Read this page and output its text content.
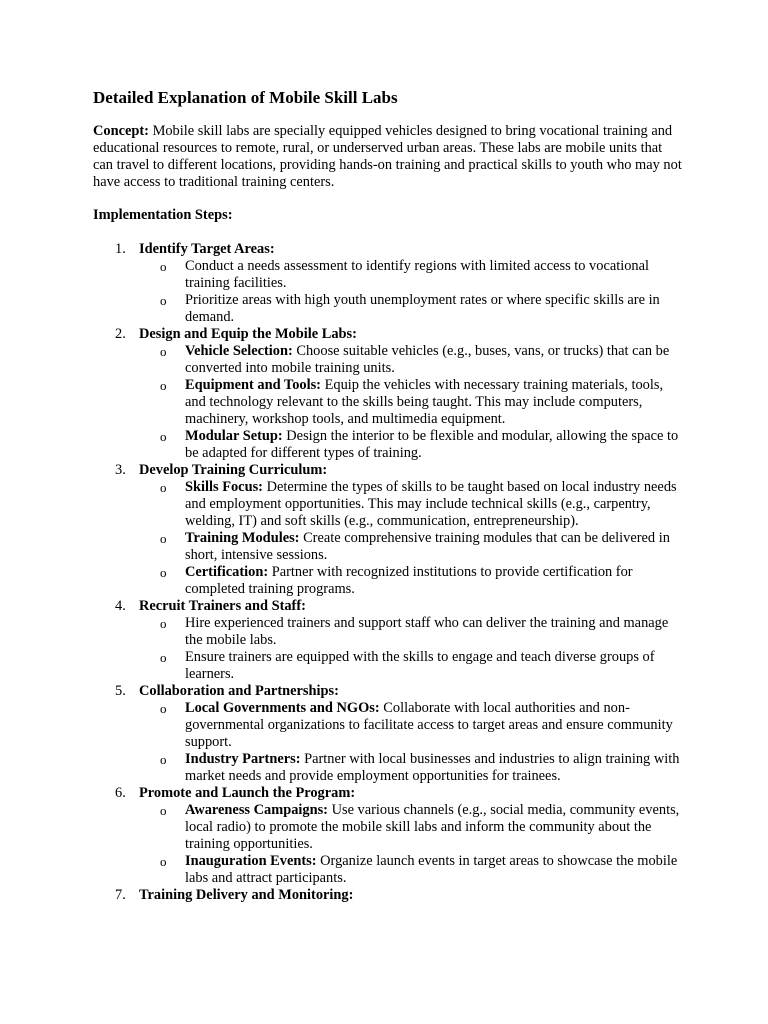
Detailed Explanation of Mobile Skill Labs

Concept: Mobile skill labs are specially equipped vehicles designed to bring vocational training and educational resources to remote, rural, or underserved urban areas. These labs are mobile units that can travel to different locations, providing hands-on training and practical skills to youth who may not have access to traditional training centers.

Implementation Steps:
1. Identify Target Areas:
o Conduct a needs assessment to identify regions with limited access to vocational training facilities.
o Prioritize areas with high youth unemployment rates or where specific skills are in demand.
2. Design and Equip the Mobile Labs:
o Vehicle Selection: Choose suitable vehicles (e.g., buses, vans, or trucks) that can be converted into mobile training units.
o Equipment and Tools: Equip the vehicles with necessary training materials, tools, and technology relevant to the skills being taught. This may include computers, machinery, workshop tools, and multimedia equipment.
o Modular Setup: Design the interior to be flexible and modular, allowing the space to be adapted for different types of training.
3. Develop Training Curriculum:
o Skills Focus: Determine the types of skills to be taught based on local industry needs and employment opportunities. This may include technical skills (e.g., carpentry, welding, IT) and soft skills (e.g., communication, entrepreneurship).
o Training Modules: Create comprehensive training modules that can be delivered in short, intensive sessions.
o Certification: Partner with recognized institutions to provide certification for completed training programs.
4. Recruit Trainers and Staff:
o Hire experienced trainers and support staff who can deliver the training and manage the mobile labs.
o Ensure trainers are equipped with the skills to engage and teach diverse groups of learners.
5. Collaboration and Partnerships:
o Local Governments and NGOs: Collaborate with local authorities and non-governmental organizations to facilitate access to target areas and ensure community support.
o Industry Partners: Partner with local businesses and industries to align training with market needs and provide employment opportunities for trainees.
6. Promote and Launch the Program:
o Awareness Campaigns: Use various channels (e.g., social media, community events, local radio) to promote the mobile skill labs and inform the community about the training opportunities.
o Inauguration Events: Organize launch events in target areas to showcase the mobile labs and attract participants.
7. Training Delivery and Monitoring:
